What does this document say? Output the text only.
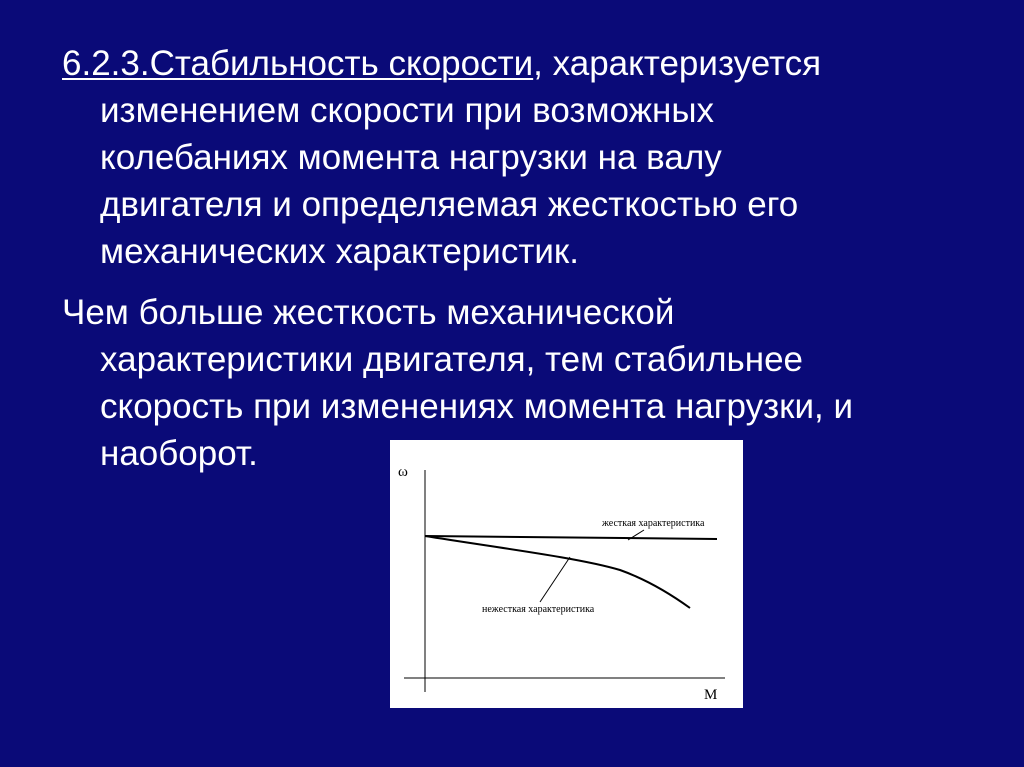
6.2.3.Стабильность скорости, характеризуется
изменением скорости при возможных
колебаниях момента нагрузки на валу
двигателя и определяемая жесткостью его
механических характеристик.
Чем больше жесткость механической
характеристики двигателя, тем стабильнее
скорость при изменениях момента нагрузки, и
наоборот.	ω
M
жесткая характеристика
нежесткая характеристика
